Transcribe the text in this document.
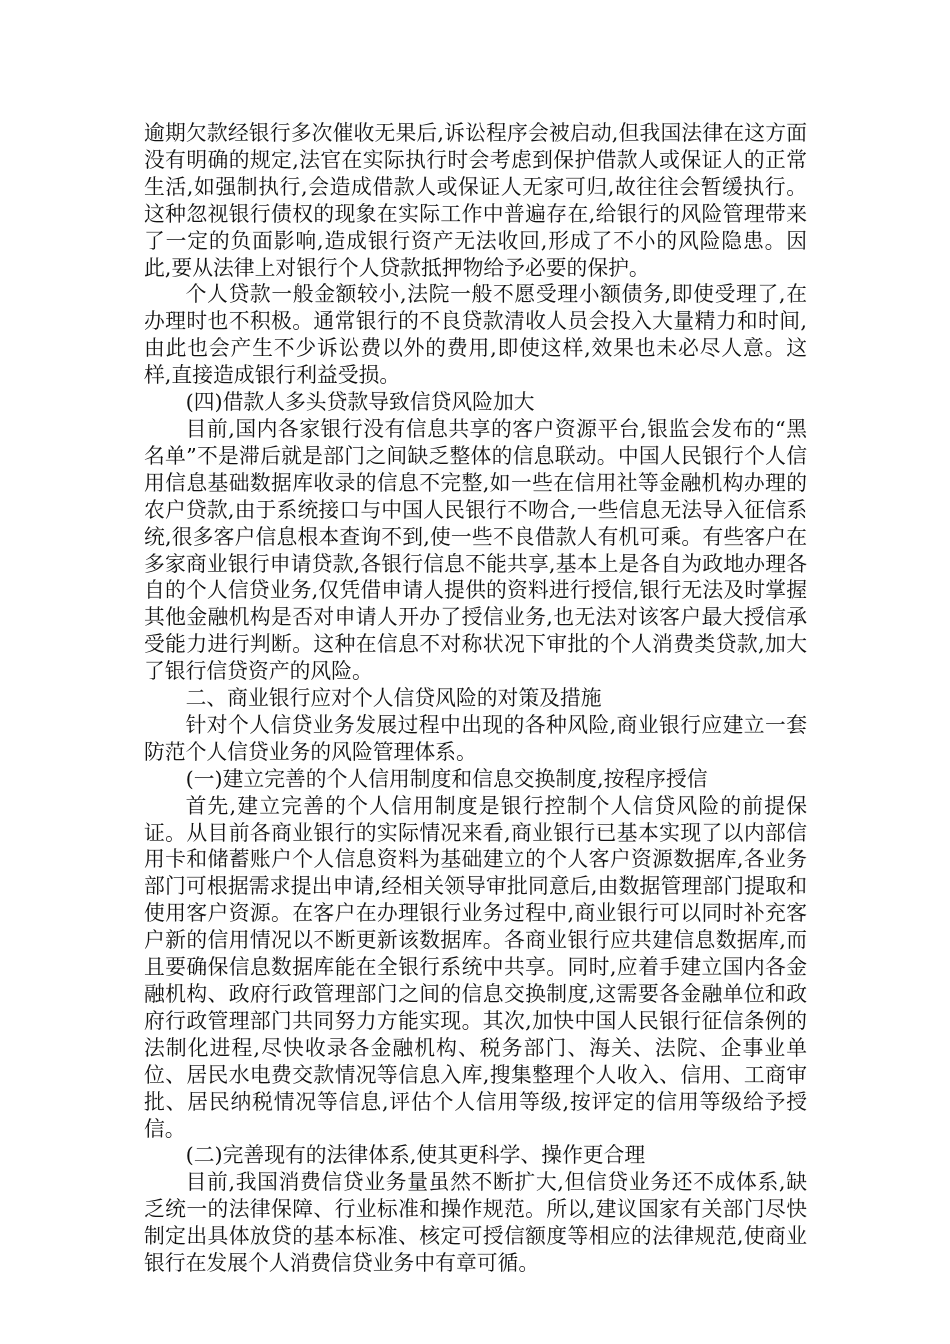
逾期欠款经银行多次催收无果后,诉讼程序会被启动,但我国法律在这方面没有明确的规定,法官在实际执行时会考虑到保护借款人或保证人的正常生活,如强制执行,会造成借款人或保证人无家可归,故往往会暂缓执行。这种忽视银行债权的现象在实际工作中普遍存在,给银行的风险管理带来了一定的负面影响,造成银行资产无法收回,形成了不小的风险隐患。因此,要从法律上对银行个人贷款抵押物给予必要的保护。

个人贷款一般金额较小,法院一般不愿受理小额债务,即使受理了,在办理时也不积极。通常银行的不良贷款清收人员会投入大量精力和时间,由此也会产生不少诉讼费以外的费用,即使这样,效果也未必尽人意。这样,直接造成银行利益受损。

(四)借款人多头贷款导致信贷风险加大

目前,国内各家银行没有信息共享的客户资源平台,银监会发布的“黑名单”不是滞后就是部门之间缺乏整体的信息联动。中国人民银行个人信用信息基础数据库收录的信息不完整,如一些在信用社等金融机构办理的农户贷款,由于系统接口与中国人民银行不吻合,一些信息无法导入征信系统,很多客户信息根本查询不到,使一些不良借款人有机可乘。有些客户在多家商业银行申请贷款,各银行信息不能共享,基本上是各自为政地办理各自的个人信贷业务,仅凭借申请人提供的资料进行授信,银行无法及时掌握其他金融机构是否对申请人开办了授信业务,也无法对该客户最大授信承受能力进行判断。这种在信息不对称状况下审批的个人消费类贷款,加大了银行信贷资产的风险。

二、商业银行应对个人信贷风险的对策及措施

针对个人信贷业务发展过程中出现的各种风险,商业银行应建立一套防范个人信贷业务的风险管理体系。

(一)建立完善的个人信用制度和信息交换制度,按程序授信

首先,建立完善的个人信用制度是银行控制个人信贷风险的前提保证。从目前各商业银行的实际情况来看,商业银行已基本实现了以内部信用卡和储蓄账户个人信息资料为基础建立的个人客户资源数据库,各业务部门可根据需求提出申请,经相关领导审批同意后,由数据管理部门提取和使用客户资源。在客户在办理银行业务过程中,商业银行可以同时补充客户新的信用情况以不断更新该数据库。各商业银行应共建信息数据库,而且要确保信息数据库能在全银行系统中共享。同时,应着手建立国内各金融机构、政府行政管理部门之间的信息交换制度,这需要各金融单位和政府行政管理部门共同努力方能实现。其次,加快中国人民银行征信条例的法制化进程,尽快收录各金融机构、税务部门、海关、法院、企事业单位、居民水电费交款情况等信息入库,搜集整理个人收入、信用、工商审批、居民纳税情况等信息,评估个人信用等级,按评定的信用等级给予授信。

(二)完善现有的法律体系,使其更科学、操作更合理

目前,我国消费信贷业务量虽然不断扩大,但信贷业务还不成体系,缺乏统一的法律保障、行业标准和操作规范。所以,建议国家有关部门尽快制定出具体放贷的基本标准、核定可授信额度等相应的法律规范,使商业银行在发展个人消费信贷业务中有章可循。
